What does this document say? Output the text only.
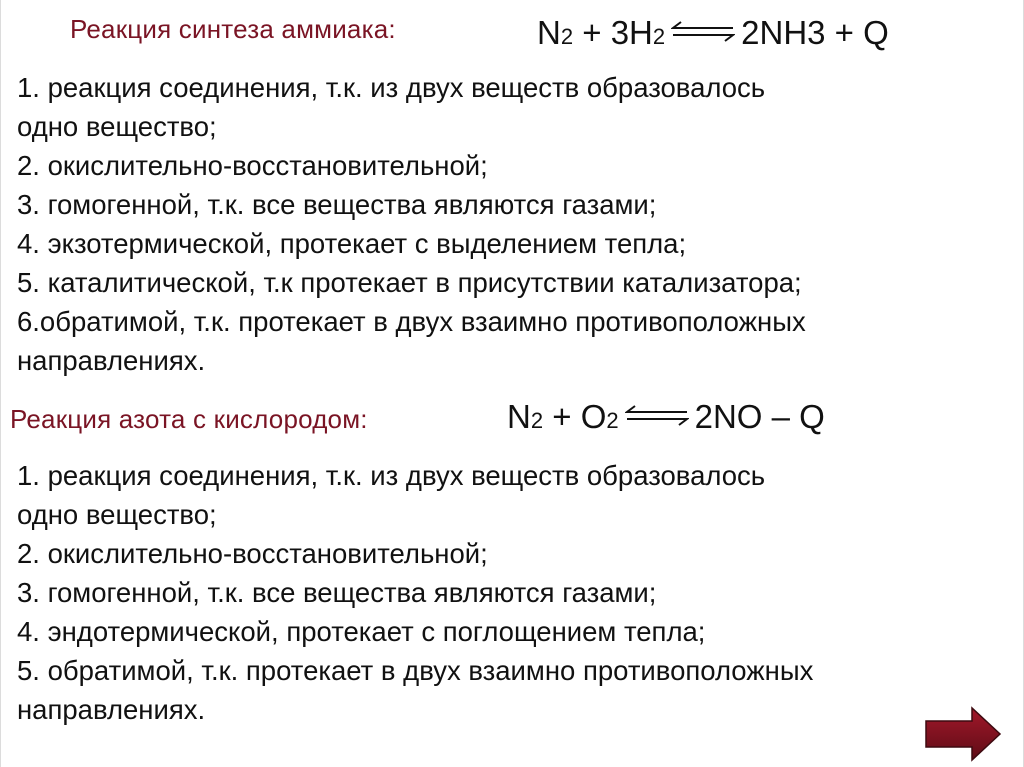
Реакция синтеза аммиака:	N 2 + 3H 2 ⇌ 2NH3 + Q
1. реакция соединения, т.к. из двух веществ образовалось
одно вещество;
2. окислительно-восстановительной;
3. гомогенной, т.к. все вещества являются газами;
4. экзотермической, протекает с выделением тепла;
5. каталитической, т.к протекает в присутствии катализатора;
6.обратимой, т.к. протекает в двух взаимно противоположных
направлениях.
Реакция азота с кислородом:	N 2 + O 2 ⇌ 2NO – Q
1. реакция соединения, т.к. из двух веществ образовалось
одно вещество;
2. окислительно-восстановительной;
3. гомогенной, т.к. все вещества являются газами;
4. эндотермической, протекает с поглощением тепла;
5. обратимой, т.к. протекает в двух взаимно противоположных
направлениях.
